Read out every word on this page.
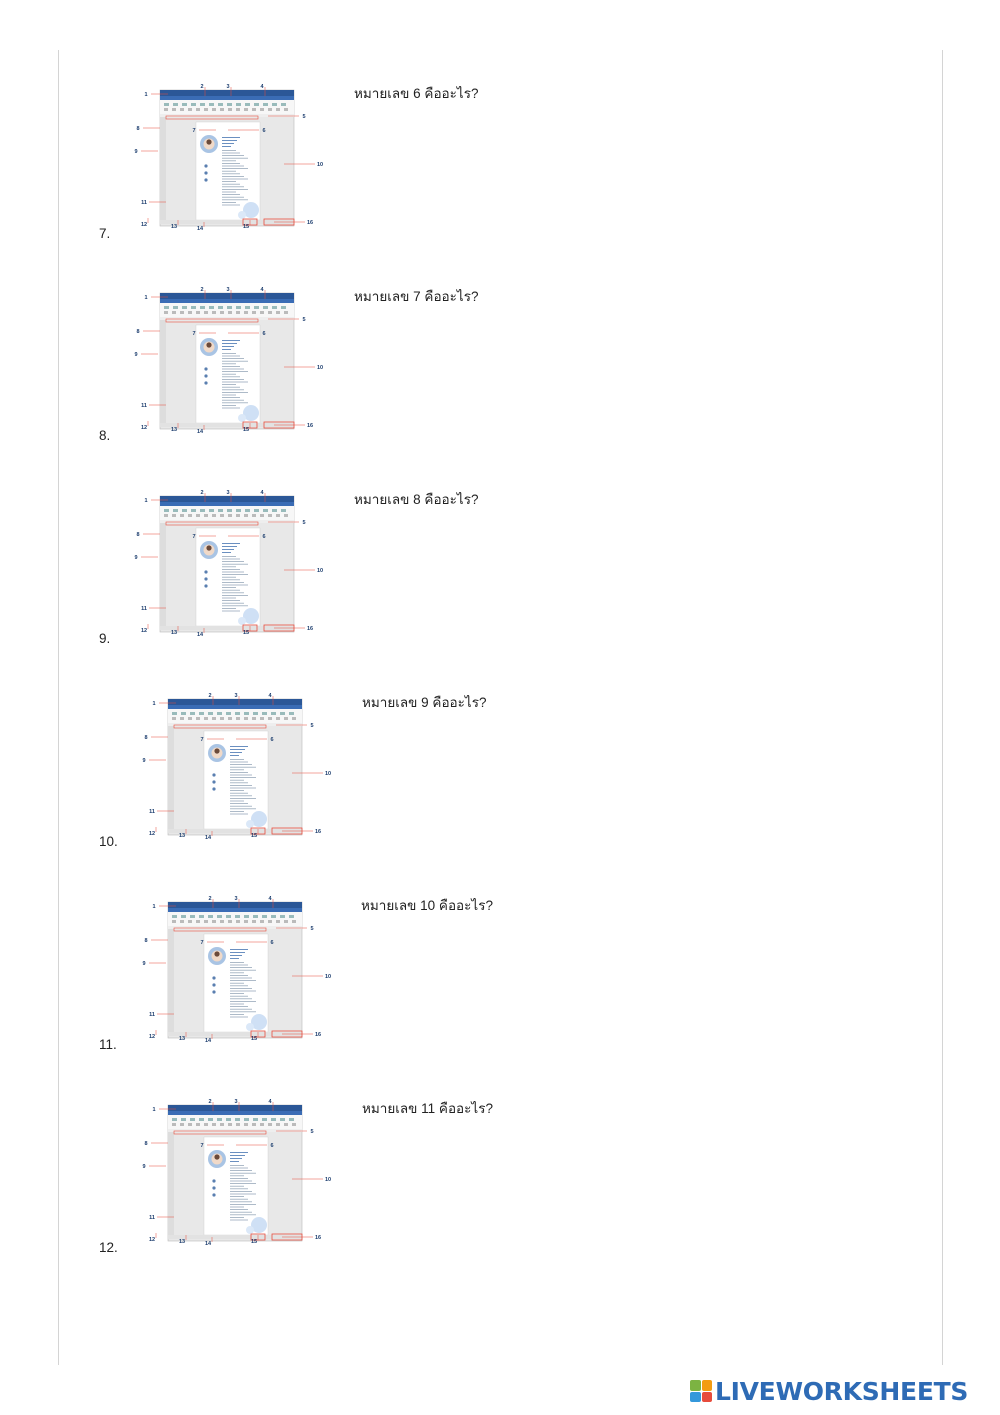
1
2	3	4
5
6
7
8
9
10
11
12	13	14	15
16
หมายเลข 6 คืออะไร?
7.
1
2	3	4
5
6
7
8
9
10
11
12	13	14	15
16
หมายเลข 7 คืออะไร?
8.
1
2	3	4
5
6
7
8
9
10
11
12	13	14	15
16
หมายเลข 8 คืออะไร?
9.
1
2	3	4
5
6
7
8
9
10
11
12	13	14	15
16
หมายเลข 9 คืออะไร?
10.
1
2	3	4
5
6
7
8
9
10
11
12	13	14	15
16
หมายเลข 10 คืออะไร?
11.
1
2	3	4
5
6
7
8
9
10
11
12	13	14	15
16
หมายเลข 11 คืออะไร?
12.
LIVEWORKSHEETS
